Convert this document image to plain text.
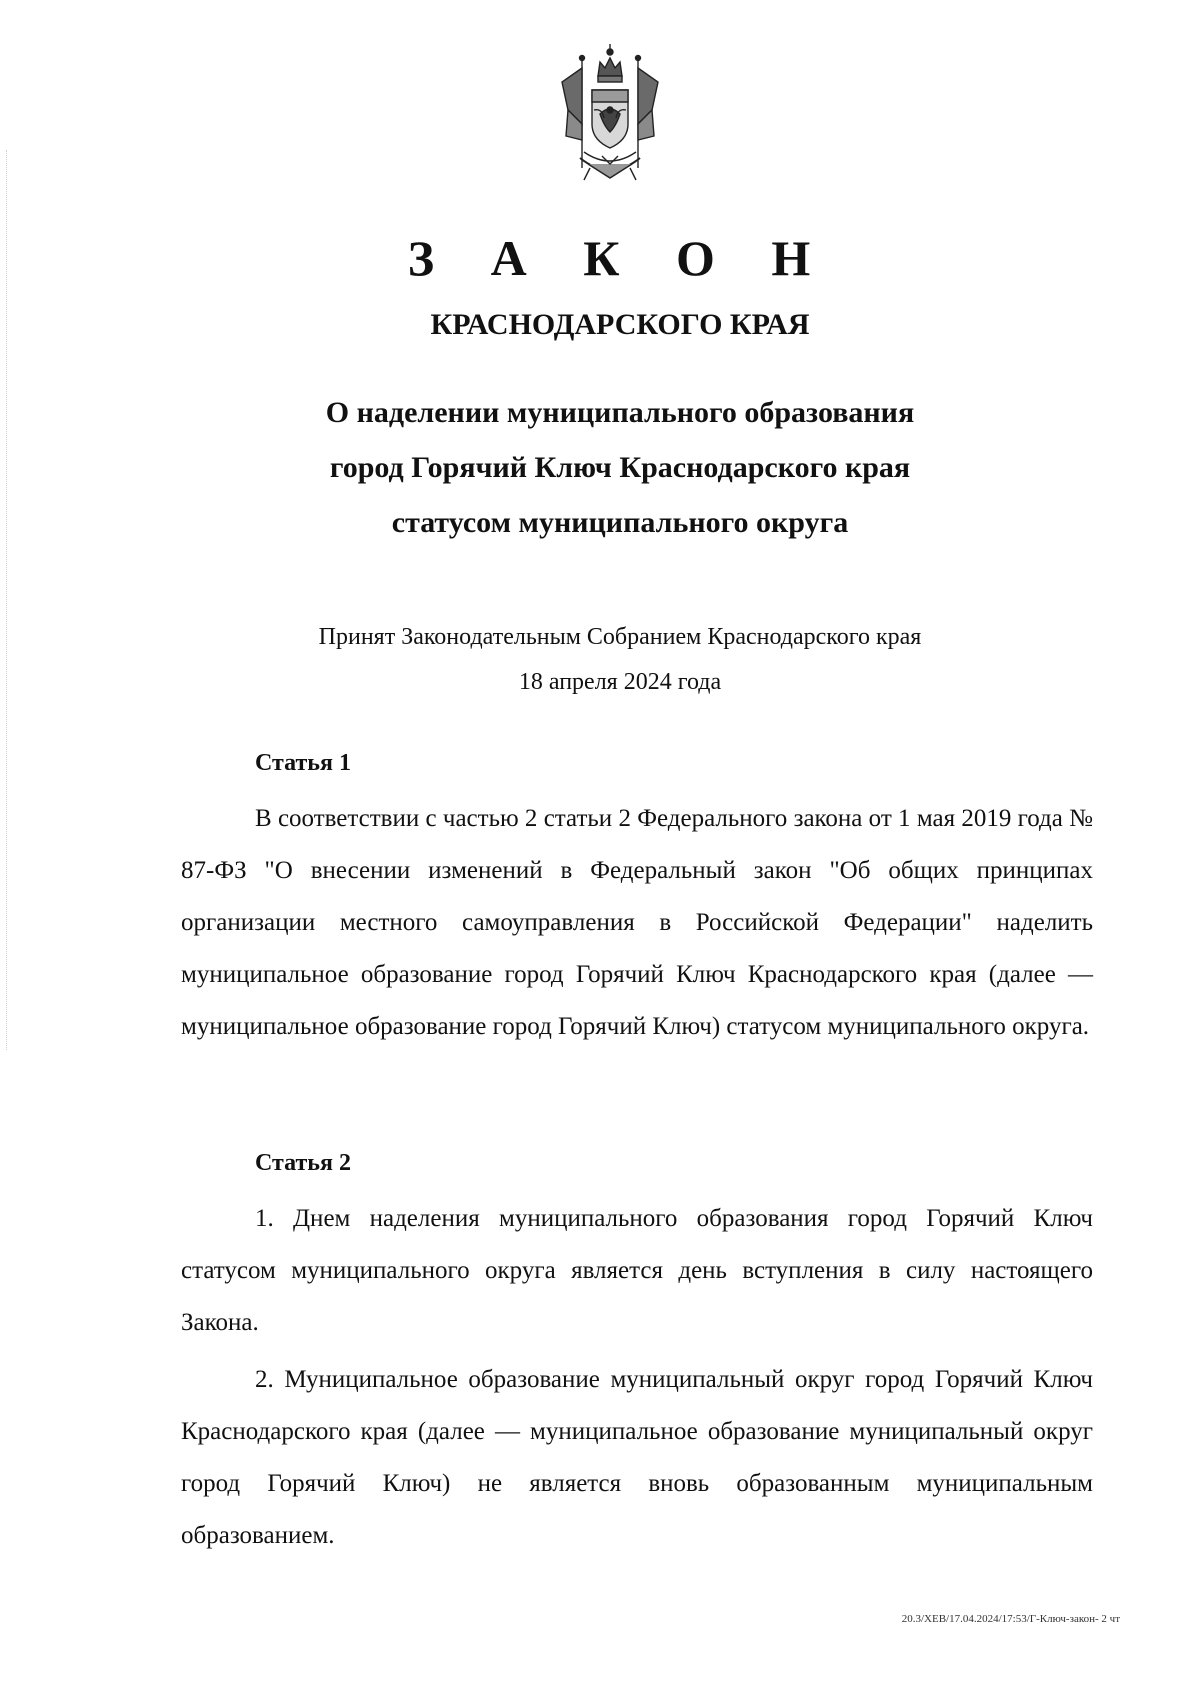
З А К О Н
КРАСНОДАРСКОГО КРАЯ
О наделении муниципального образования
город Горячий Ключ Краснодарского края
статусом муниципального округа
Принят Законодательным Собранием Краснодарского края
18 апреля 2024 года
Статья 1
В соответствии с частью 2 статьи 2 Федерального закона от 1 мая 2019 года № 87-ФЗ "О внесении изменений в Федеральный закон "Об общих принципах организации местного самоуправления в Российской Федерации" наделить муниципальное образование город Горячий Ключ Краснодарского края (далее — муниципальное образование город Горячий Ключ) статусом муниципального округа.
Статья 2
1. Днем наделения муниципального образования город Горячий Ключ статусом муниципального округа является день вступления в силу настоящего Закона.
2. Муниципальное образование муниципальный округ город Горячий Ключ Краснодарского края (далее — муниципальное образование муниципальный округ город Горячий Ключ) не является вновь образованным муниципальным образованием.
20.3/ХЕВ/17.04.2024/17:53/Г-Ключ-закон- 2 чт
